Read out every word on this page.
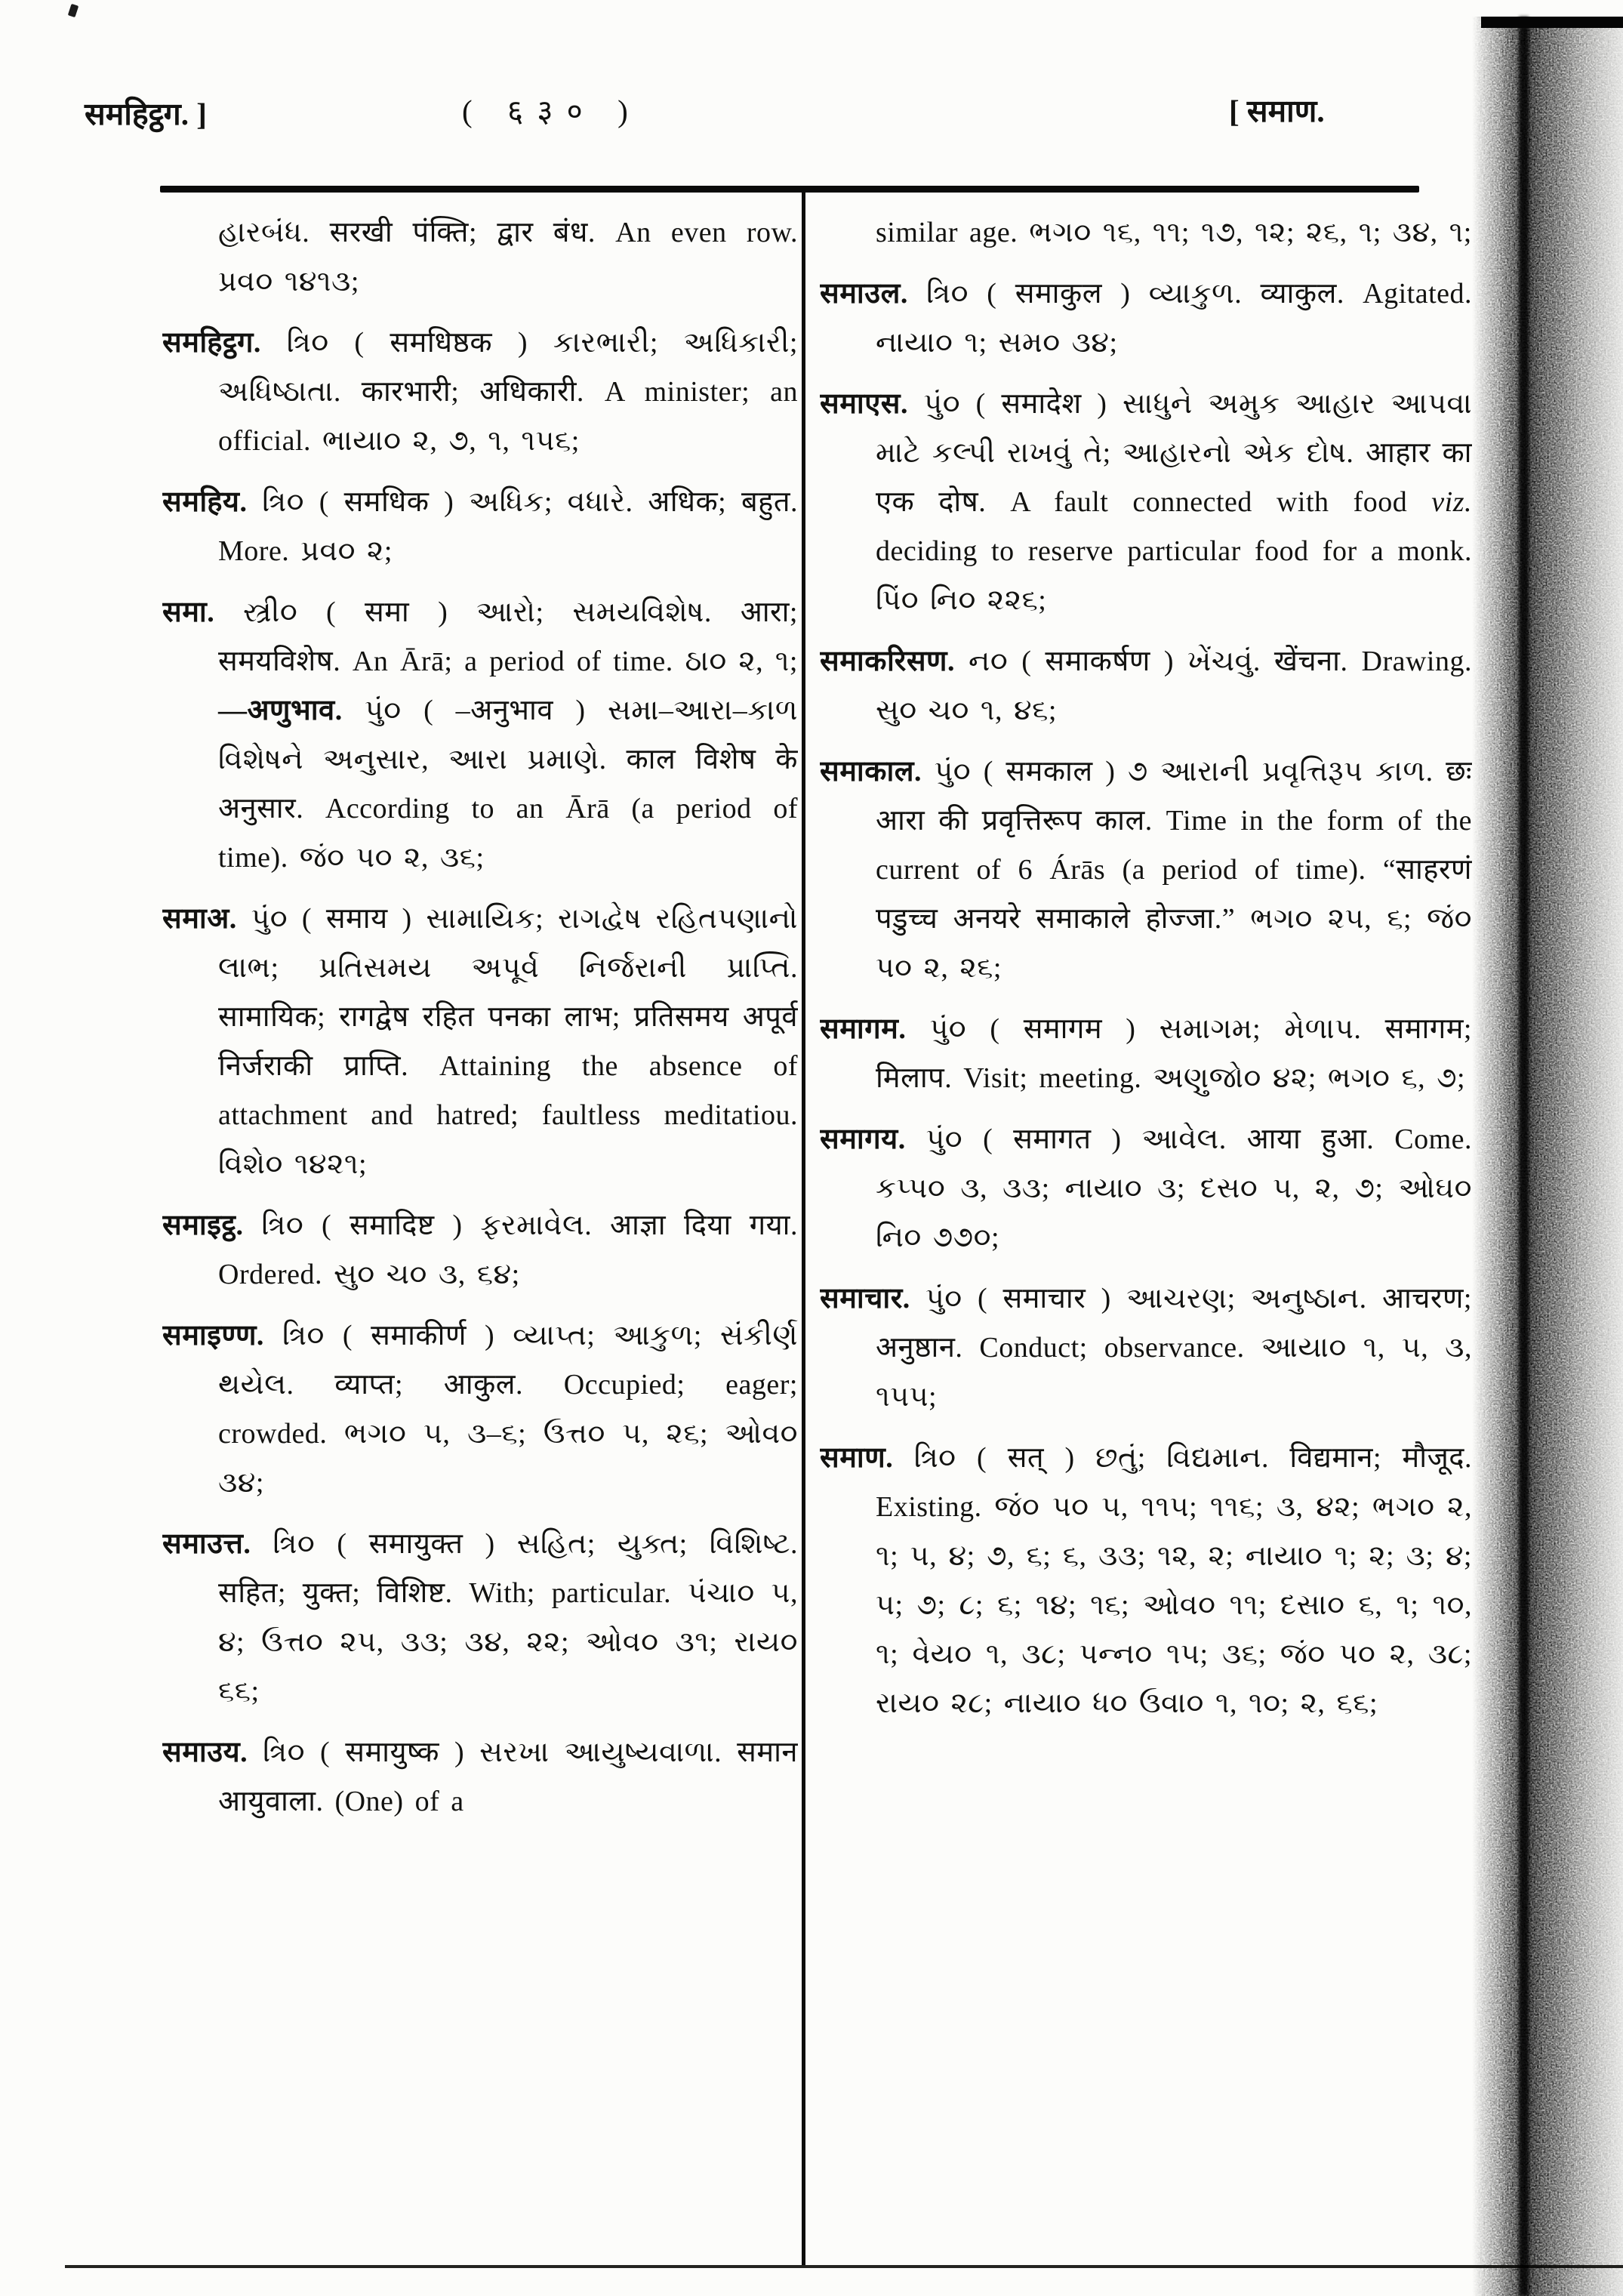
समहिट्ठग. ]	( ६३० )	[ समाण.

હારબંધ. सरखी पंक्ति; द्वार बंध. An even row. પ્રવ૦ ૧૪૧૩;

समहिट्ठग. ત્રિ૦ ( समधिष्ठक ) કારભારી; અધિકારી; અધિષ્ઠાતા. कारभारी; अधिकारी. A minister; an official. ભાયા૦ ૨, ૭, ૧, ૧૫૬;

समहिय. ત્રિ૦ ( समधिक ) અધિક; વધારે. अधिक; बहुत. More. પ્રવ૦ ૨;

समा. સ્ત્રી૦ ( समा ) આરો; સમયવિશેષ. आरा; समयविशेष. An Ārā; a period of time. ઠા૦ ૨, ૧; —अणुभाव. પું૦ ( –अनुभाव ) સમા–આરા–કાળ વિશેષને અનુસાર, આરા પ્રમાણે. काल विशेष के अनुसार. According to an Ārā (a period of time). જં૦ પ૦ ૨, ૩૬;

समाअ. પું૦ ( समाय ) સામાયિક; રાગદ્વેષ રહિતપણાનો લાભ; પ્રતિસમય અપૂર્વ નિર્જરાની પ્રાપ્તિ. सामायिक; रागद्वेष रहित पनका लाभ; प्रतिसमय अपूर्व निर्जराकी प्राप्ति. Attaining the absence of attachment and hatred; faultless meditatiou. વિશે૦ ૧૪૨૧;

समाइट्ठ. ત્રિ૦ ( समादिष्ट ) ફરમાવેલ. आज्ञा दिया गया. Ordered. સુ૦ ચ૦ ૩, ૬૪;

समाइण्ण. ત્રિ૦ ( समाकीर्ण ) વ્યાપ્ત; આકુળ; સંકીર્ણ થયેલ. व्याप्त; आकुल. Occupied; eager; crowded. ભગ૦ ૫, ૩–૬; ઉત્ત૦ ૫, ૨૬; ઓવ૦ ૩૪;

समाउत्त. ત્રિ૦ ( समायुक्त ) સહિત; યુક્ત; વિશિષ્ટ. सहित; युक्त; विशिष्ट. With; particular. પંચા૦ ૫, ૪; ઉત્ત૦ ૨૫, ૩૩; ૩૪, ૨૨; ઓવ૦ ૩૧; રાય૦ ૬૬;

समाउय. ત્રિ૦ ( समायुष्क ) સરખા આયુષ્યવાળા. समान आयुवाला. (One) of a

similar age. ભગ૦ ૧૬, ૧૧; ૧૭, ૧૨; ૨૬, ૧; ૩૪, ૧;

समाउल. ત્રિ૦ ( समाकुल ) વ્યાકુળ. व्याकुल. Agitated. નાયા૦ ૧; સમ૦ ૩૪;

समाएस. પું૦ ( समादेश ) સાધુને અમુક આહાર આપવા માટે કલ્પી રાખવું તે; આહારનો એક દોષ. आहार का एक दोष. A fault connected with food viz. deciding to reserve particular food for a monk. પિં૦ નિ૦ ૨૨૬;

समाकरिसण. ન૦ ( समाकर्षण ) ખેંચવું. खेंचना. Drawing. સુ૦ ચ૦ ૧, ૪૬;

समाकाल. પું૦ ( समकाल ) ૭ આરાની પ્રવૃત્તિરૂપ કાળ. छः आरा की प्रवृत्तिरूप काल. Time in the form of the current of 6 Árās (a period of time). “साहरणं पडुच्च अनयरे समाकाले होज्जा.” ભગ૦ ૨૫, ૬; જં૦ પ૦ ૨, ૨૬;

समागम. પું૦ ( समागम ) સમાગમ; મેળાપ. समागम; मिलाप. Visit; meeting. અણુજો૦ ૪૨; ભગ૦ ૬, ૭;

समागय. પું૦ ( समागत ) આવેલ. आया हुआ. Come. કપ્પ૦ ૩, ૩૩; નાયા૦ ૩; દસ૦ ૫, ૨, ૭; ઓઘ૦ નિ૦ ૭૭૦;

समाचार. પું૦ ( समाचार ) આચરણ; અનુષ્ઠાન. आचरण; अनुष्ठान. Conduct; observance. આયા૦ ૧, ૫, ૩, ૧૫૫;

समाण. ત્રિ૦ ( सत् ) છતું; વિદ્યમાન. विद्यमान; मौजूद. Existing. જં૦ પ૦ ૫, ૧૧૫; ૧૧૬; ૩, ૪૨; ભગ૦ ૨, ૧; ૫, ૪; ૭, ૬; ૬, ૩૩; ૧૨, ૨; નાયા૦ ૧; ૨; ૩; ૪; ૫; ૭; ૮; ૬; ૧૪; ૧૬; ઓવ૦ ૧૧; દસા૦ ૬, ૧; ૧૦, ૧; વેય૦ ૧, ૩૮; પન્ન૦ ૧૫; ૩૬; જં૦ પ૦ ૨, ૩૮; રાય૦ ૨૮; નાયા૦ ધ૦ ઉવા૦ ૧, ૧૦; ૨, ૬૬;
